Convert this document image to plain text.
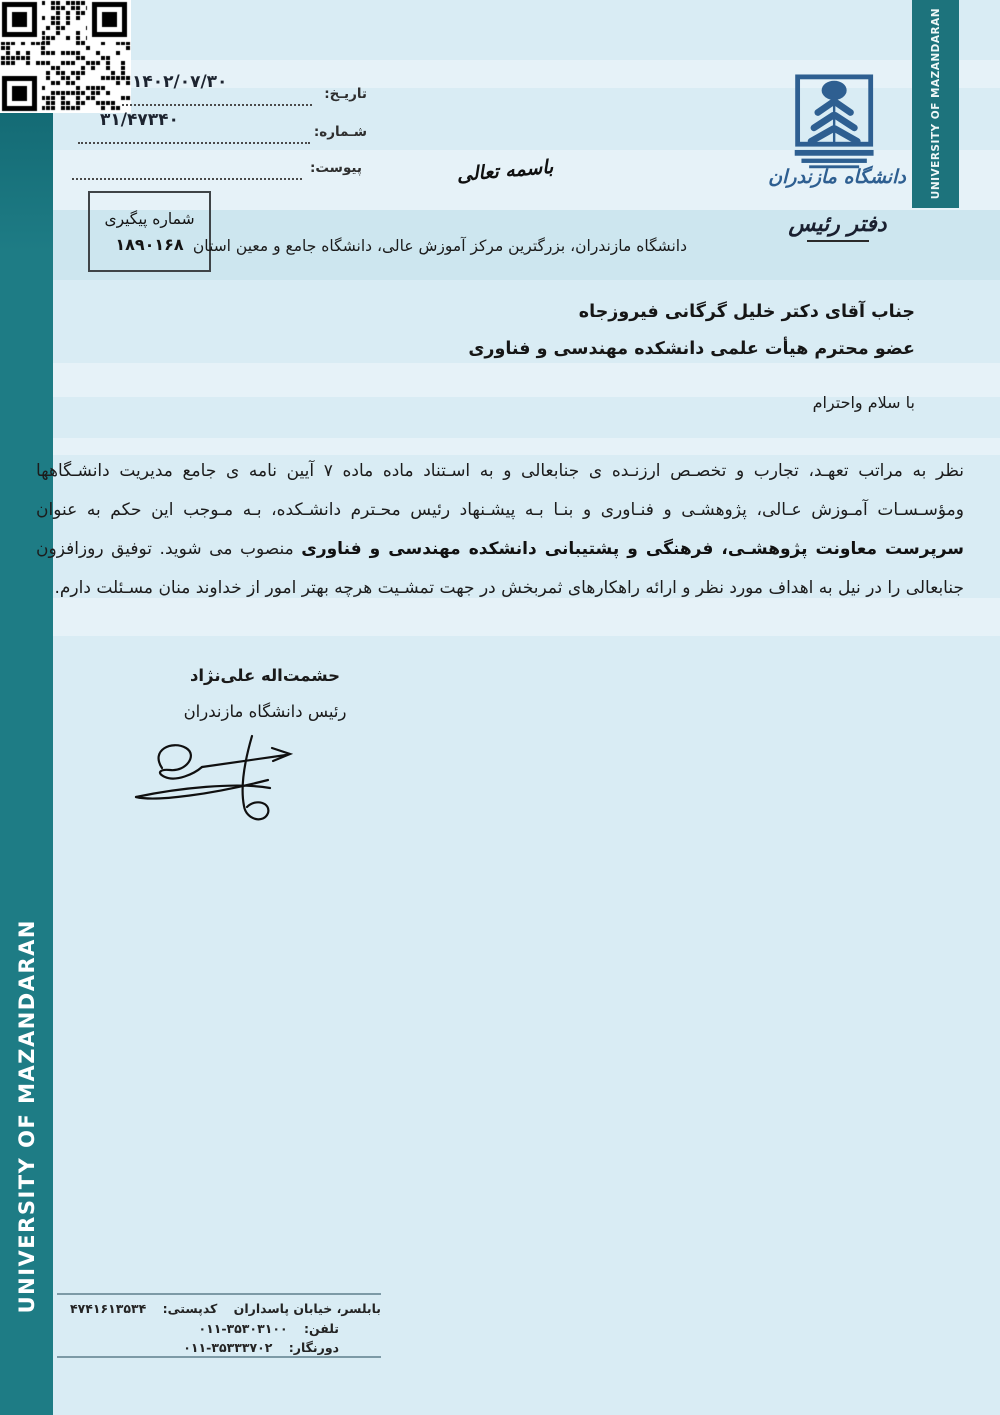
UNIVERSITY OF MAZANDARAN
UNIVERSITY OF MAZANDARAN
تاریـخ:
۱۴۰۲/۰۷/۳۰
شـماره:
۳۱/۴۷۳۴۰
پیوست:
شماره پیگیری
۱۸۹۰۱۶۸
باسمه تعالی	دانشگاه مازندران
دفتر رئیس
دانشگاه مازندران، بزرگترین مرکز آموزش عالی، دانشگاه جامع و معین استان
جناب آقای دکتر خلیل گرگانی فیروزجاه
عضو محترم هیأت علمی دانشکده مهندسی و فناوری
با سلام واحترام
نظر به مراتب تعهـد، تجارب و تخصـص ارزنـده ی جنابعالی و به اسـتناد ماده ماده ۷ آیین نامه ی جامع مدیریت دانشـگاهها ومؤسـسـات آمـوزش عـالی، پژوهشـی و فنـاوری و بنـا بـه پیشـنهاد رئیس محـترم دانشـکده، بـه مـوجب این حکم به عنوان سرپرست معاونت پژوهشـی، فرهنگی و پشتیبانی دانشکده مهندسی و فناوری منصوب می شوید. توفیق روزافزون جنابعالی را در نیل به اهداف مورد نظر و ارائه راهکارهای ثمربخش در جهت تمشـیت هرچه بهتر امور از خداوند منان مسـئلت دارم.
حشمت‌اله علی‌نژاد
رئیس دانشگاه مازندران
بابلسر، خیابان پاسداران کدپستی: ۴۷۴۱۶۱۳۵۳۴
تلفن: ۳۵۳۰۳۱۰۰-۰۱۱
دورنگار: ۳۵۳۳۳۷۰۲-۰۱۱
